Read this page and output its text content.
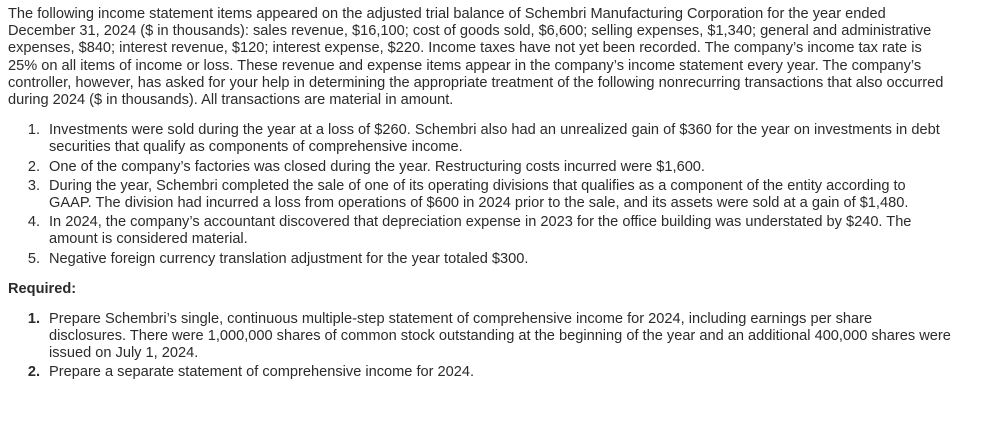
The following income statement items appeared on the adjusted trial balance of Schembri Manufacturing Corporation for the year ended December 31, 2024 ($ in thousands): sales revenue, $16,100; cost of goods sold, $6,600; selling expenses, $1,340; general and administrative expenses, $840; interest revenue, $120; interest expense, $220. Income taxes have not yet been recorded. The company’s income tax rate is 25% on all items of income or loss. These revenue and expense items appear in the company’s income statement every year. The company’s controller, however, has asked for your help in determining the appropriate treatment of the following nonrecurring transactions that also occurred during 2024 ($ in thousands). All transactions are material in amount.

1. Investments were sold during the year at a loss of $260. Schembri also had an unrealized gain of $360 for the year on investments in debt securities that qualify as components of comprehensive income.
2. One of the company’s factories was closed during the year. Restructuring costs incurred were $1,600.
3. During the year, Schembri completed the sale of one of its operating divisions that qualifies as a component of the entity according to GAAP. The division had incurred a loss from operations of $600 in 2024 prior to the sale, and its assets were sold at a gain of $1,480.
4. In 2024, the company’s accountant discovered that depreciation expense in 2023 for the office building was understated by $240. The amount is considered material.
5. Negative foreign currency translation adjustment for the year totaled $300.
Required:
1. Prepare Schembri’s single, continuous multiple-step statement of comprehensive income for 2024, including earnings per share disclosures. There were 1,000,000 shares of common stock outstanding at the beginning of the year and an additional 400,000 shares were issued on July 1, 2024.
2. Prepare a separate statement of comprehensive income for 2024.
